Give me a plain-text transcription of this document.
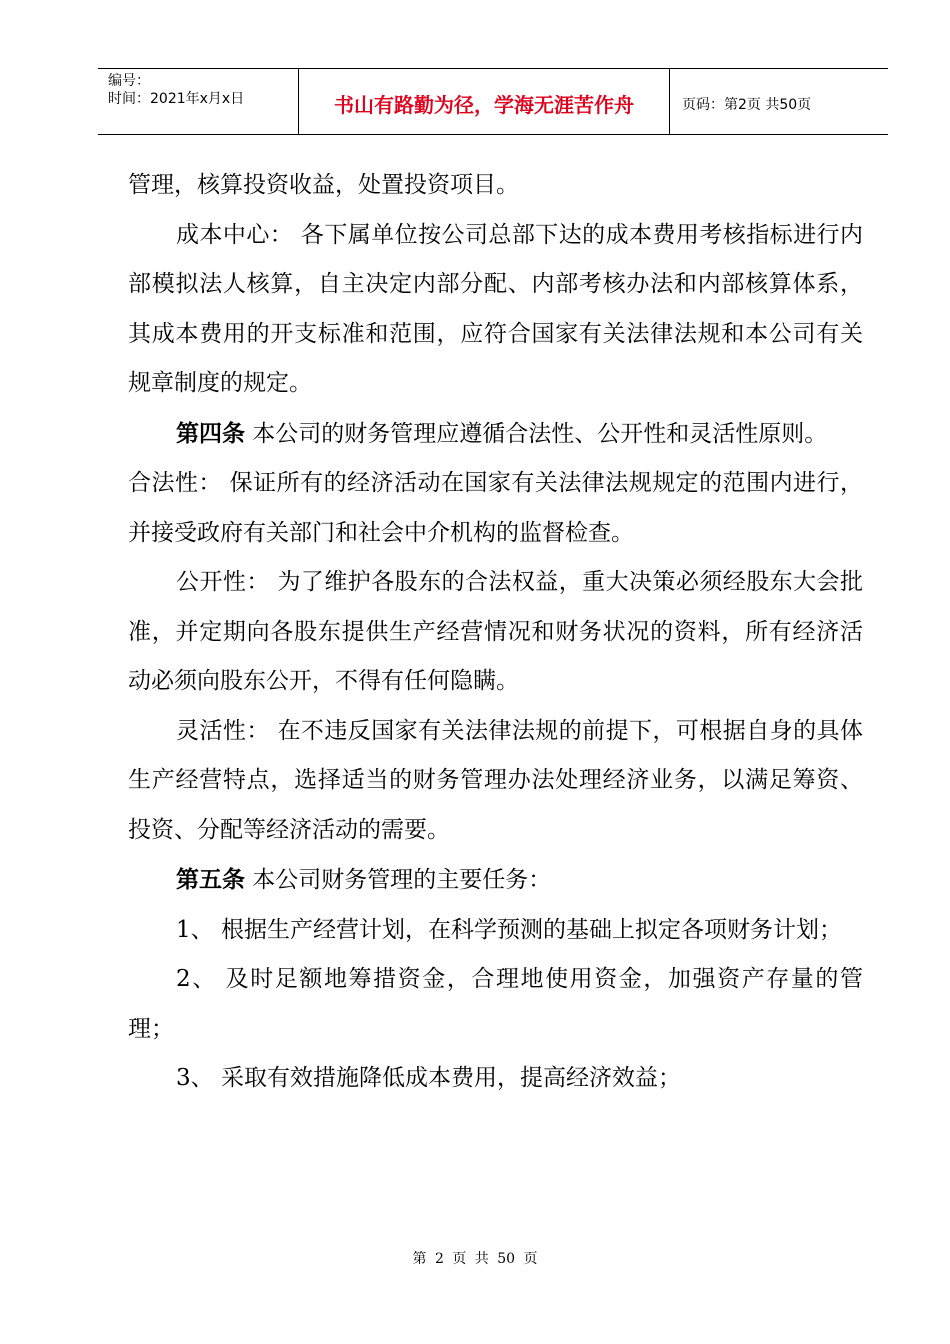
编号：
时间：2021年x月x日	书山有路勤为径，学海无涯苦作舟	页码：第2页 共50页

管理，核算投资收益，处置投资项目。

成本中心： 各下属单位按公司总部下达的成本费用考核指标进行内部模拟法人核算，自主决定内部分配、内部考核办法和内部核算体系，其成本费用的开支标准和范围，应符合国家有关法律法规和本公司有关规章制度的规定。

第四条 本公司的财务管理应遵循合法性、公开性和灵活性原则。

合法性： 保证所有的经济活动在国家有关法律法规规定的范围内进行，并接受政府有关部门和社会中介机构的监督检查。

公开性： 为了维护各股东的合法权益，重大决策必须经股东大会批准，并定期向各股东提供生产经营情况和财务状况的资料，所有经济活动必须向股东公开，不得有任何隐瞒。

灵活性： 在不违反国家有关法律法规的前提下，可根据自身的具体生产经营特点，选择适当的财务管理办法处理经济业务，以满足筹资、投资、分配等经济活动的需要。

第五条 本公司财务管理的主要任务：

1、 根据生产经营计划，在科学预测的基础上拟定各项财务计划；

2、 及时足额地筹措资金，合理地使用资金，加强资产存量的管理；

3、 采取有效措施降低成本费用，提高经济效益；

第 2 页 共 50 页
